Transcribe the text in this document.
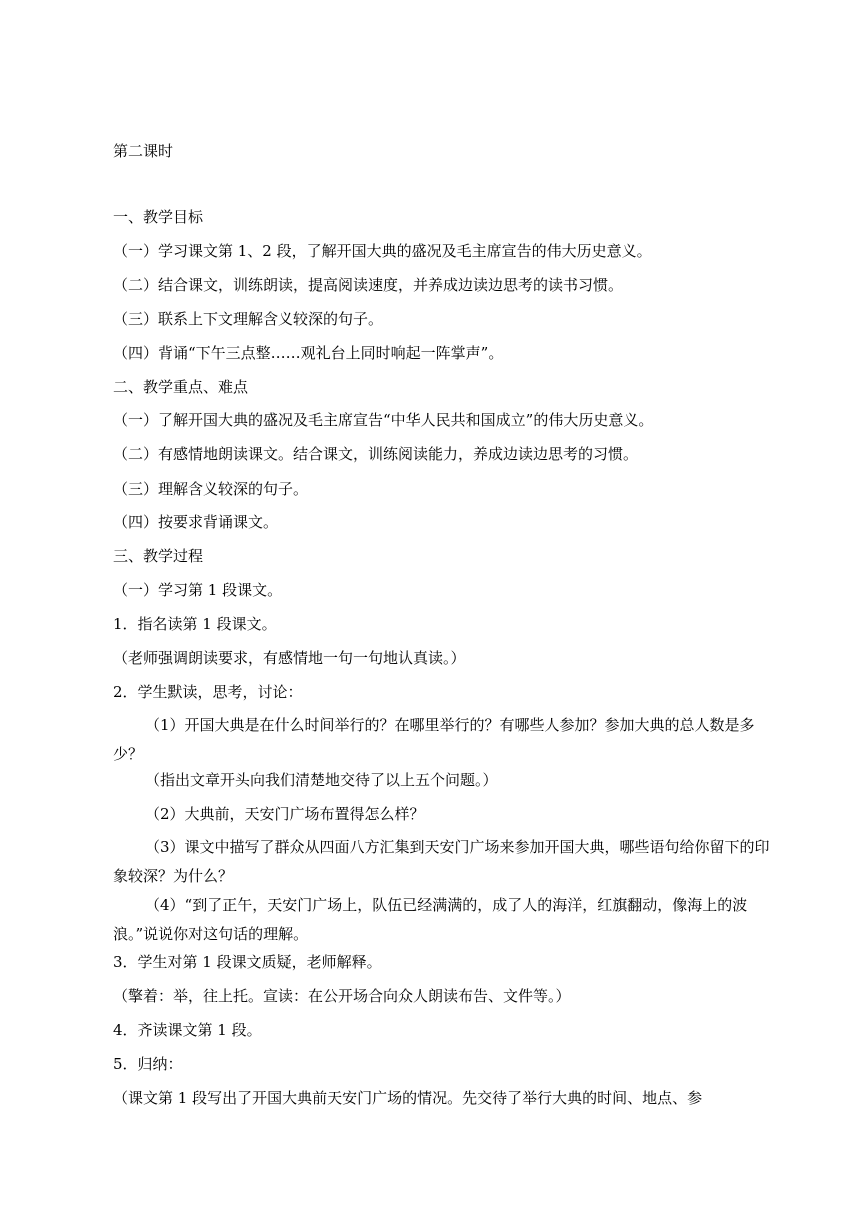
第二课时
一、教学目标
（一）学习课文第 1、2 段，了解开国大典的盛况及毛主席宣告的伟大历史意义。
（二）结合课文，训练朗读，提高阅读速度，并养成边读边思考的读书习惯。
（三）联系上下文理解含义较深的句子。
（四）背诵“下午三点整……观礼台上同时响起一阵掌声”。
二、教学重点、难点
（一）了解开国大典的盛况及毛主席宣告“中华人民共和国成立”的伟大历史意义。
（二）有感情地朗读课文。结合课文，训练阅读能力，养成边读边思考的习惯。
（三）理解含义较深的句子。
（四）按要求背诵课文。
三、教学过程
（一）学习第 1 段课文。
1．指名读第 1 段课文。
（老师强调朗读要求，有感情地一句一句地认真读。）
2．学生默读，思考，讨论：
（1）开国大典是在什么时间举行的？在哪里举行的？有哪些人参加？参加大典的总人数是多少？
（指出文章开头向我们清楚地交待了以上五个问题。）
（2）大典前，天安门广场布置得怎么样？
（3）课文中描写了群众从四面八方汇集到天安门广场来参加开国大典，哪些语句给你留下的印象较深？为什么？
（4）“到了正午，天安门广场上，队伍已经满满的，成了人的海洋，红旗翻动，像海上的波浪。”说说你对这句话的理解。
3．学生对第 1 段课文质疑，老师解释。
（擎着：举，往上托。宣读：在公开场合向众人朗读布告、文件等。）
4．齐读课文第 1 段。
5．归纳：
（课文第 1 段写出了开国大典前天安门广场的情况。先交待了举行大典的时间、地点、参
